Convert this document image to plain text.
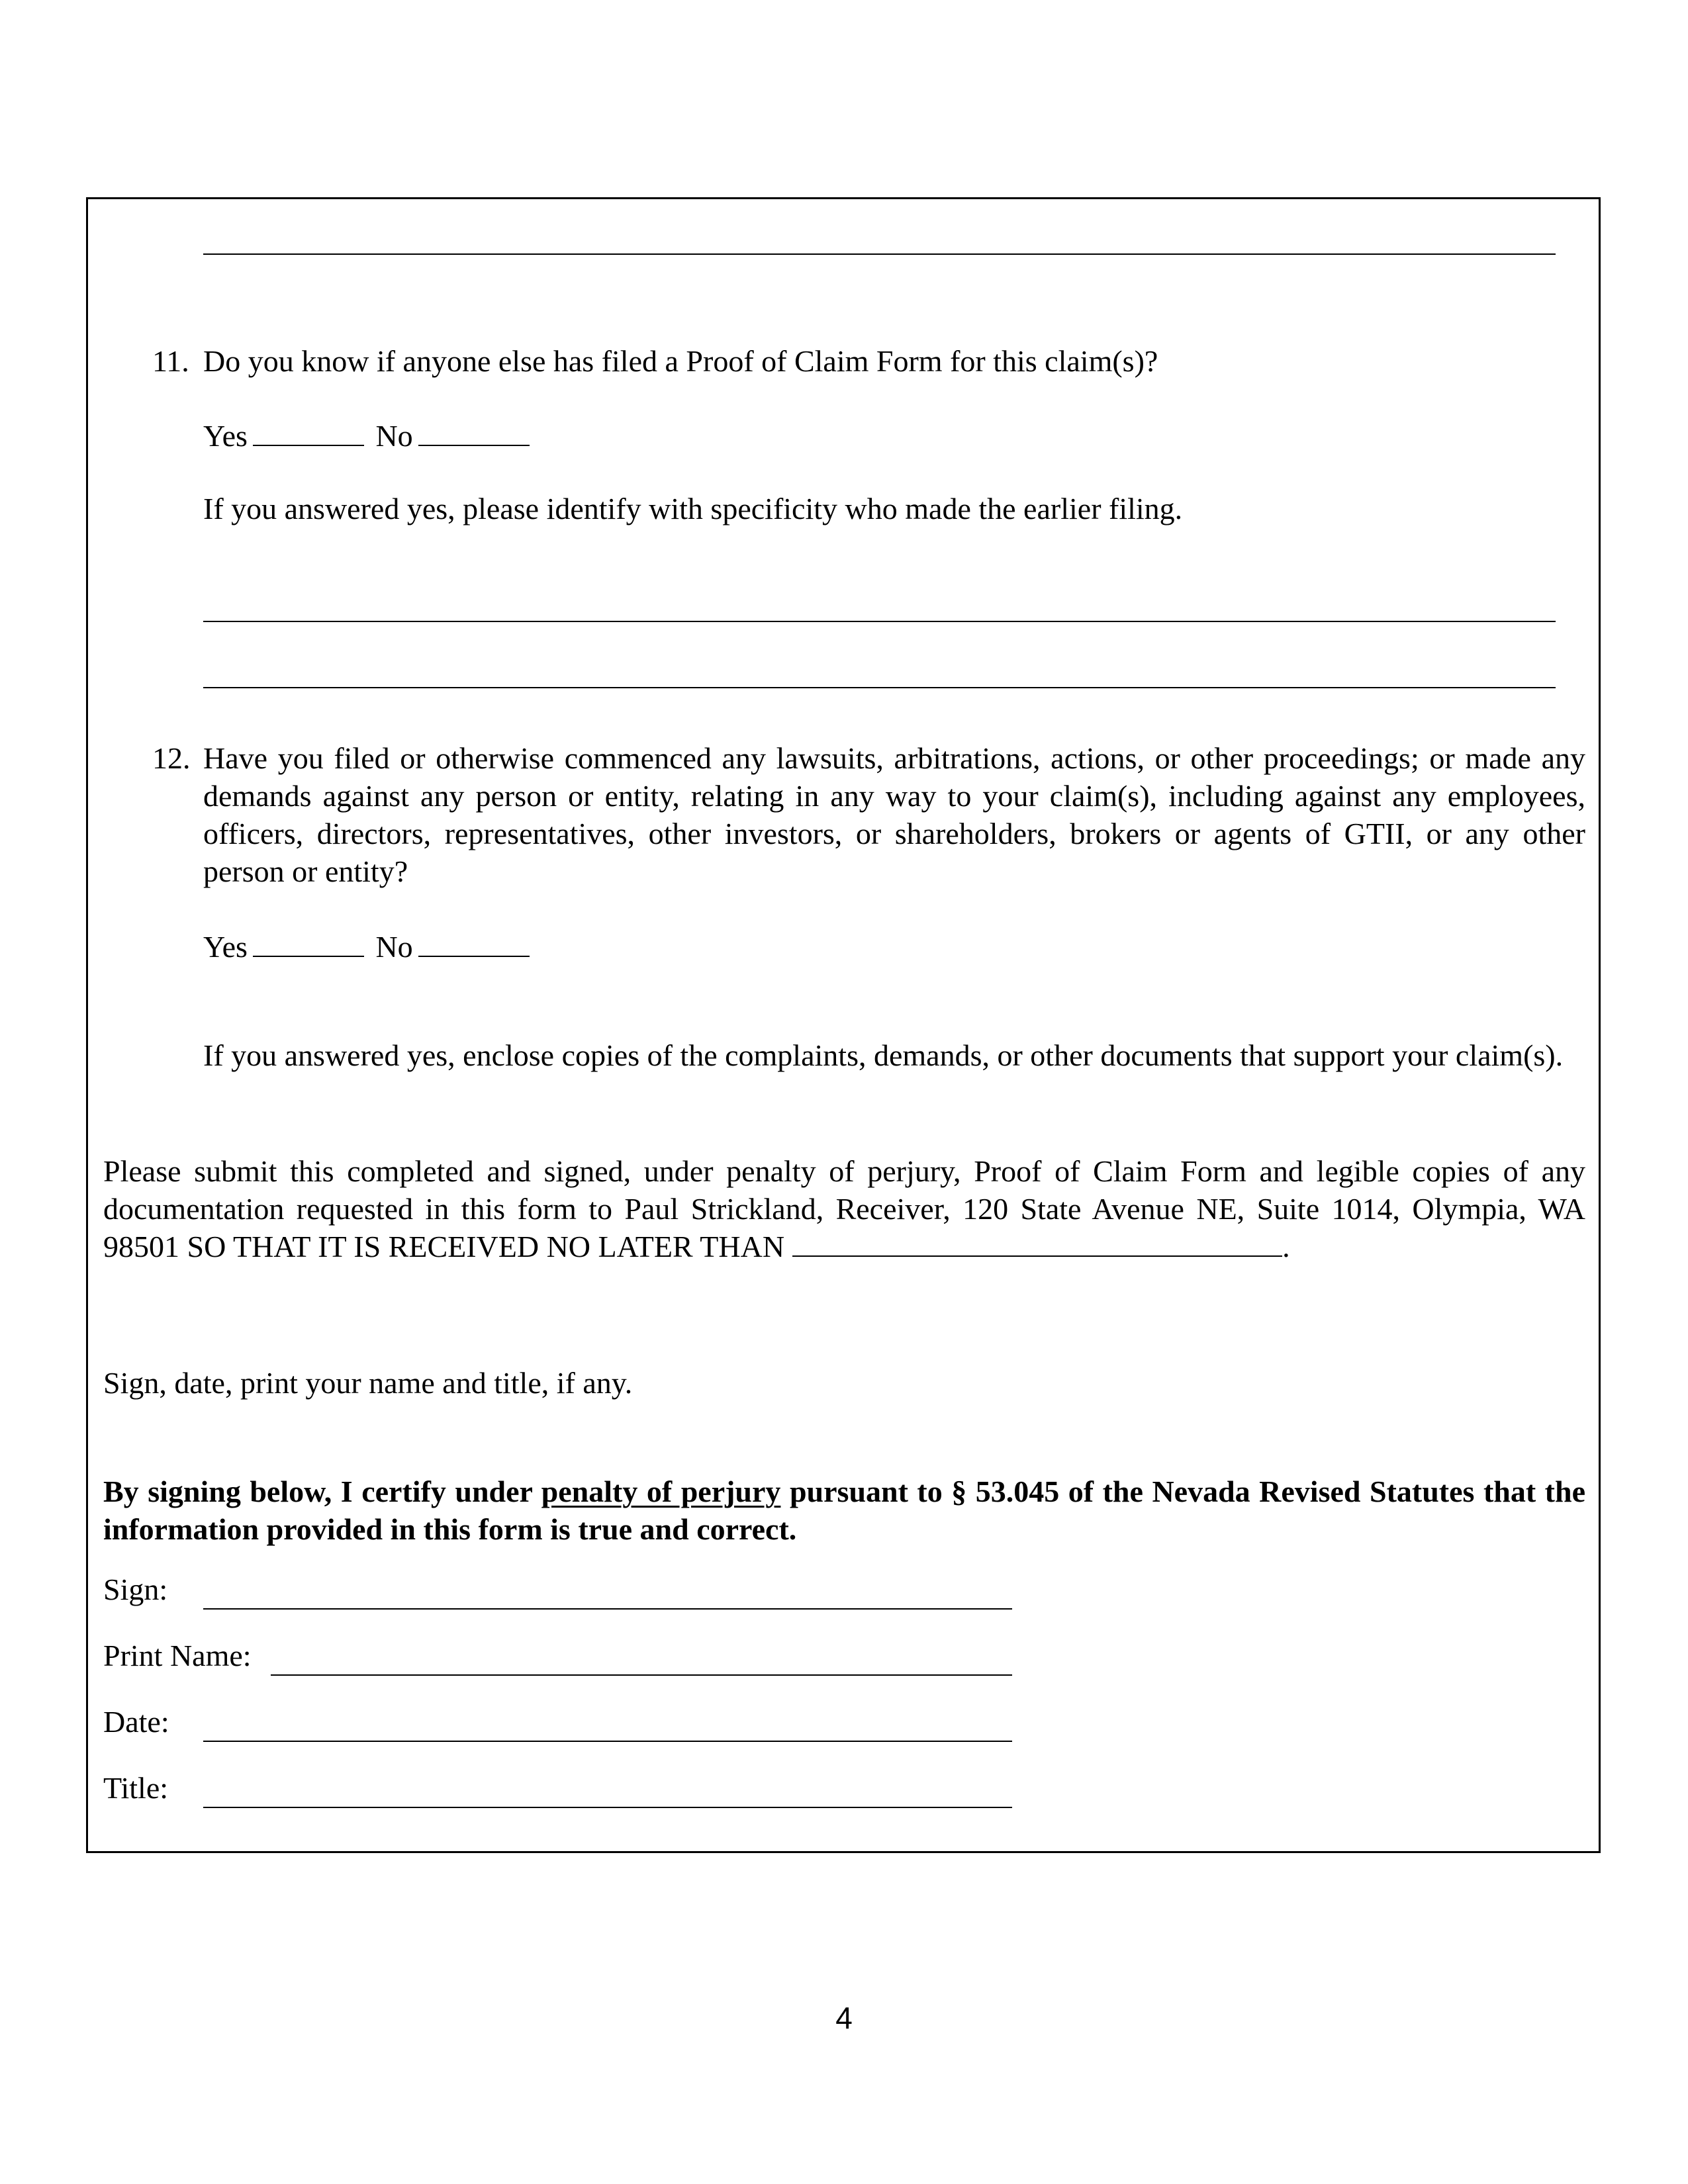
11. Do you know if anyone else has filed a Proof of Claim Form for this claim(s)?
Yes	No
If you answered yes, please identify with specificity who made the earlier filing.
12. Have you filed or otherwise commenced any lawsuits, arbitrations, actions, or other proceedings; or made any demands against any person or entity, relating in any way to your claim(s), including against any employees, officers, directors, representatives, other investors, or shareholders, brokers or agents of GTII, or any other person or entity?
Yes	No
If you answered yes, enclose copies of the complaints, demands, or other documents that support your claim(s).
Please submit this completed and signed, under penalty of perjury, Proof of Claim Form and legible copies of any documentation requested in this form to Paul Strickland, Receiver, 120 State Avenue NE, Suite 1014, Olympia, WA 98501 SO THAT IT IS RECEIVED NO LATER THAN	.
Sign, date, print your name and title, if any.
By signing below, I certify under penalty of perjury pursuant to § 53.045 of the Nevada Revised Statutes that the information provided in this form is true and correct.
Sign:
Print Name:
Date:
Title:
4
